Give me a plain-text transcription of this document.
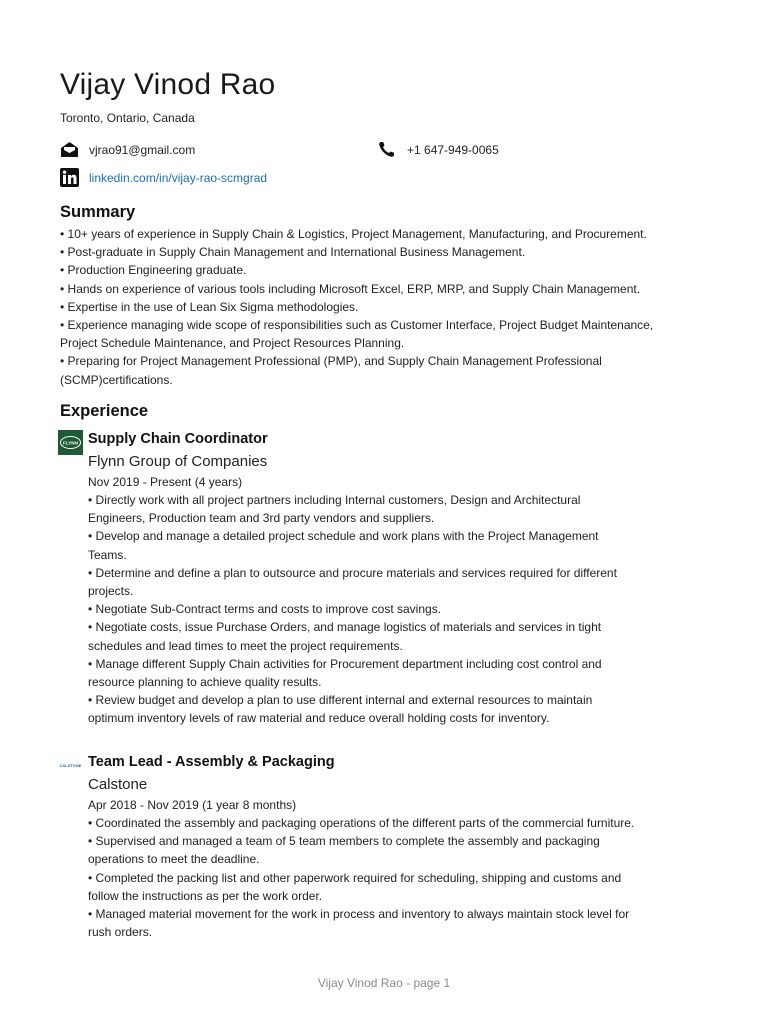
Vijay Vinod Rao
Toronto, Ontario, Canada
vjrao91@gmail.com	+1 647-949-0065
linkedin.com/in/vijay-rao-scmgrad
Summary
• 10+ years of experience in Supply Chain & Logistics, Project Management, Manufacturing, and Procurement.
• Post-graduate in Supply Chain Management and International Business Management.
• Production Engineering graduate.
• Hands on experience of various tools including Microsoft Excel, ERP, MRP, and Supply Chain Management.
• Expertise in the use of Lean Six Sigma methodologies.
• Experience managing wide scope of responsibilities such as Customer Interface, Project Budget Maintenance,
Project Schedule Maintenance, and Project Resources Planning.
• Preparing for Project Management Professional (PMP), and Supply Chain Management Professional
(SCMP)certifications.
Experience
FLYNN Supply Chain Coordinator
Flynn Group of Companies
Nov 2019 - Present (4 years)
• Directly work with all project partners including Internal customers, Design and Architectural
Engineers, Production team and 3rd party vendors and suppliers.
• Develop and manage a detailed project schedule and work plans with the Project Management
Teams.
• Determine and define a plan to outsource and procure materials and services required for different
projects.
• Negotiate Sub-Contract terms and costs to improve cost savings.
• Negotiate costs, issue Purchase Orders, and manage logistics of materials and services in tight
schedules and lead times to meet the project requirements.
• Manage different Supply Chain activities for Procurement department including cost control and
resource planning to achieve quality results.
• Review budget and develop a plan to use different internal and external resources to maintain
optimum inventory levels of raw material and reduce overall holding costs for inventory.
CALSTONE Team Lead - Assembly & Packaging
Calstone
Apr 2018 - Nov 2019 (1 year 8 months)
• Coordinated the assembly and packaging operations of the different parts of the commercial furniture.
• Supervised and managed a team of 5 team members to complete the assembly and packaging
operations to meet the deadline.
• Completed the packing list and other paperwork required for scheduling, shipping and customs and
follow the instructions as per the work order.
• Managed material movement for the work in process and inventory to always maintain stock level for
rush orders.
Vijay Vinod Rao - page 1
